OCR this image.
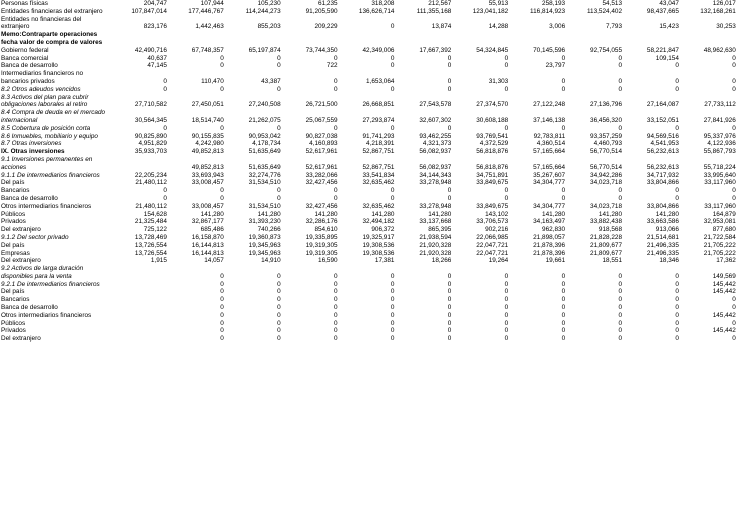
Personas físicas	204,747	107,944	105,230	61,235	318,208	212,567	55,913	258,193	54,513	43,047	126,017
Entidades financieras del extranjero	107,847,014	177,446,767	114,244,273	91,205,590	136,626,714	111,355,168	123,041,182	116,814,923	113,524,402	98,437,665	132,168,261
Entidades no financieras del extranjero	823,176	1,442,463	855,203	209,229	0	13,874	14,288	3,006	7,793	15,423	30,253
Memo:Contraparte operaciones fecha valor de compra de valores											
Gobierno federal	42,490,716	67,748,357	65,197,874	73,744,350	42,349,006	17,667,392	54,324,845	70,145,596	92,754,055	58,221,847	48,962,630
Banca comercial	40,637	0	0	0	0	0	0	0	0	109,154	0
Banca de desarrollo	47,145	0	0	722	0	0	0	23,797	0	0	0
Intermediarios financieros no bancarios privados	0	110,470	43,387	0	1,653,064	0	31,303	0	0	0	0
8.2 Otros adeudos vencidos	0	0	0	0	0	0	0	0	0	0	0
8.3 Activos del plan para cubrir obligaciones laborales al retiro	27,710,582	27,450,051	27,240,508	26,721,500	26,668,851	27,543,578	27,374,570	27,122,248	27,136,796	27,164,087	27,733,112
8.4 Compra de deuda en el mercado internacional	30,564,345	18,514,740	21,262,075	25,067,559	27,293,874	32,607,302	30,608,188	37,146,138	36,456,320	33,152,051	27,841,926
8.5 Cobertura de posición corta	0	0	0	0	0	0	0	0	0	0	0
8.6 Inmuebles, mobiliario y equipo	90,825,890	90,155,835	90,953,042	90,827,038	91,741,293	93,462,255	93,769,541	92,783,811	93,357,259	94,569,516	95,337,976
8.7 Otras inversiones	4,951,829	4,242,980	4,178,734	4,160,893	4,218,391	4,321,373	4,372,529	4,360,514	4,460,793	4,541,953	4,122,936
IX. Otras inversiones	35,933,703	49,852,813	51,635,649	52,617,961	52,867,751	56,082,937	56,818,876	57,165,664	56,770,514	56,232,613	55,867,793
9.1 Inversiones permanentes en acciones		49,852,813	51,635,649	52,617,961	52,867,751	56,082,937	56,818,876	57,165,664	56,770,514	56,232,613	55,718,224
9.1.1 De intermediarios financieros	22,205,234	33,693,943	32,274,776	33,282,066	33,541,834	34,144,343	34,751,891	35,267,607	34,942,286	34,717,932	33,995,640
Del país	21,480,112	33,008,457	31,534,510	32,427,456	32,635,462	33,278,948	33,849,675	34,304,777	34,023,718	33,804,866	33,117,960
Bancarios	0	0	0	0	0	0	0	0	0	0	0
Banca de desarrollo	0	0	0	0	0	0	0	0	0	0	0
Otros intermediarios financieros	21,480,112	33,008,457	31,534,510	32,427,456	32,635,462	33,278,948	33,849,675	34,304,777	34,023,718	33,804,866	33,117,960
Públicos	154,628	141,280	141,280	141,280	141,280	141,280	143,102	141,280	141,280	141,280	164,879
Privados	21,325,484	32,867,177	31,393,230	32,286,176	32,494,182	33,137,668	33,706,573	34,163,497	33,882,438	33,663,586	32,953,081
Del extranjero	725,122	685,486	740,266	854,610	906,372	865,395	902,216	962,830	918,568	913,066	877,680
9.1.2 Del sector privado	13,728,469	16,158,870	19,360,873	19,335,895	19,325,917	21,938,594	22,066,985	21,898,057	21,828,228	21,514,681	21,722,584
Del país	13,726,554	16,144,813	19,345,963	19,319,305	19,308,536	21,920,328	22,047,721	21,878,396	21,809,677	21,496,335	21,705,222
Empresas	13,726,554	16,144,813	19,345,963	19,319,305	19,308,536	21,920,328	22,047,721	21,878,396	21,809,677	21,496,335	21,705,222
Del extranjero	1,915	14,057	14,910	16,590	17,381	18,266	19,264	19,661	18,551	18,346	17,362
9.2 Activos de larga duración disponibles para la venta		0	0	0	0	0	0	0	0	0	149,569
9.2.1 De intermediarios financieros		0	0	0	0	0	0	0	0	0	145,442
Del país		0	0	0	0	0	0	0	0	0	145,442
Bancarios		0	0	0	0	0	0	0	0	0	0
Banca de desarrollo		0	0	0	0	0	0	0	0	0	0
Otros intermediarios financieros		0	0	0	0	0	0	0	0	0	145,442
Públicos		0	0	0	0	0	0	0	0	0	0
Privados		0	0	0	0	0	0	0	0	0	145,442
Del extranjero		0	0	0	0	0	0	0	0	0	0
